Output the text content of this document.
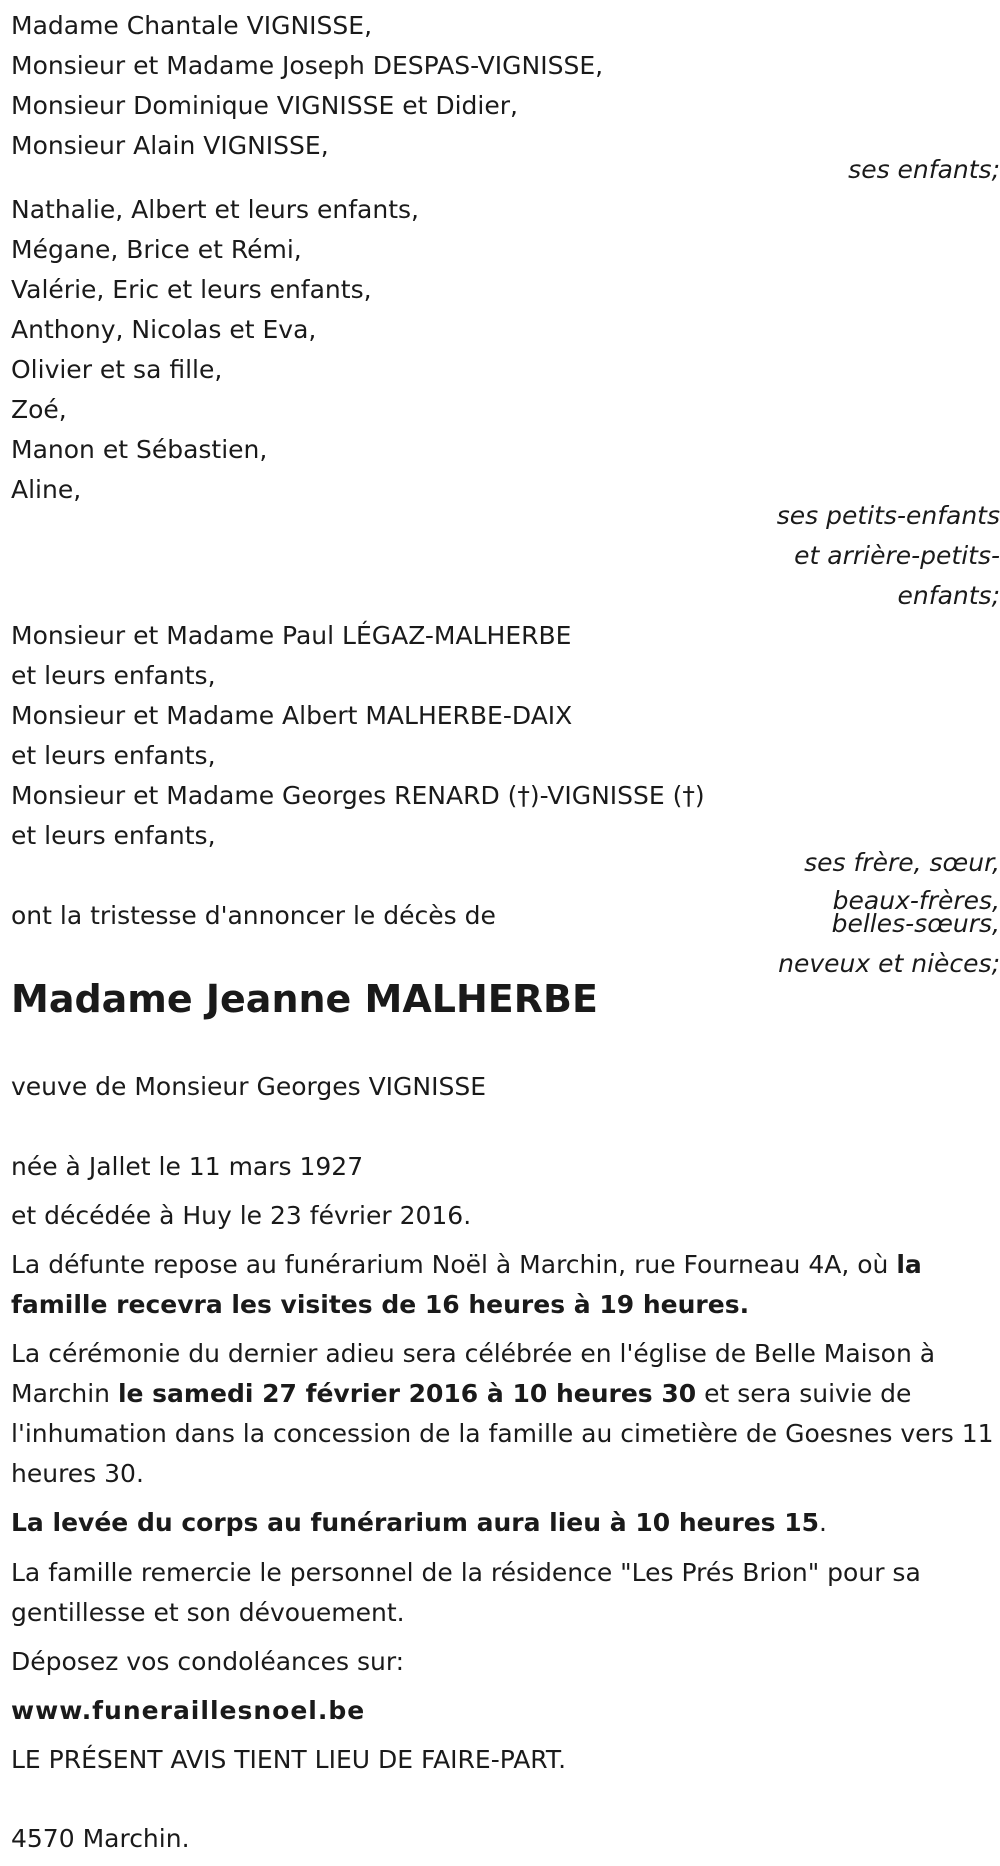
Madame Chantale VIGNISSE,
Monsieur et Madame Joseph DESPAS-VIGNISSE,
Monsieur Dominique VIGNISSE et Didier,
Monsieur Alain VIGNISSE,
ses enfants;
Nathalie, Albert et leurs enfants,
Mégane, Brice et Rémi,
Valérie, Eric et leurs enfants,
Anthony, Nicolas et Eva,
Olivier et sa fille,
Zoé,
Manon et Sébastien,
Aline,
ses petits-enfants
et arrière-petits-
enfants;
Monsieur et Madame Paul LÉGAZ-MALHERBE
et leurs enfants,
Monsieur et Madame Albert MALHERBE-DAIX
et leurs enfants,
Monsieur et Madame Georges RENARD (†)-VIGNISSE (†)
et leurs enfants,
ses frère, sœur,
beaux-frères,
belles-sœurs,
neveux et nièces;
ont la tristesse d'annoncer le décès de
Madame Jeanne MALHERBE
veuve de Monsieur Georges VIGNISSE
née à Jallet le 11 mars 1927
et décédée à Huy le 23 février 2016.
La défunte repose au funérarium Noël à Marchin, rue Fourneau 4A, où la famille recevra les visites de 16 heures à 19 heures.
La cérémonie du dernier adieu sera célébrée en l'église de Belle Maison à Marchin le samedi 27 février 2016 à 10 heures 30 et sera suivie de l'inhumation dans la concession de la famille au cimetière de Goesnes vers 11 heures 30.
La levée du corps au funérarium aura lieu à 10 heures 15.
La famille remercie le personnel de la résidence "Les Prés Brion" pour sa gentillesse et son dévouement.
Déposez vos condoléances sur:
www.funeraillesnoel.be
LE PRÉSENT AVIS TIENT LIEU DE FAIRE-PART.
4570 Marchin.
